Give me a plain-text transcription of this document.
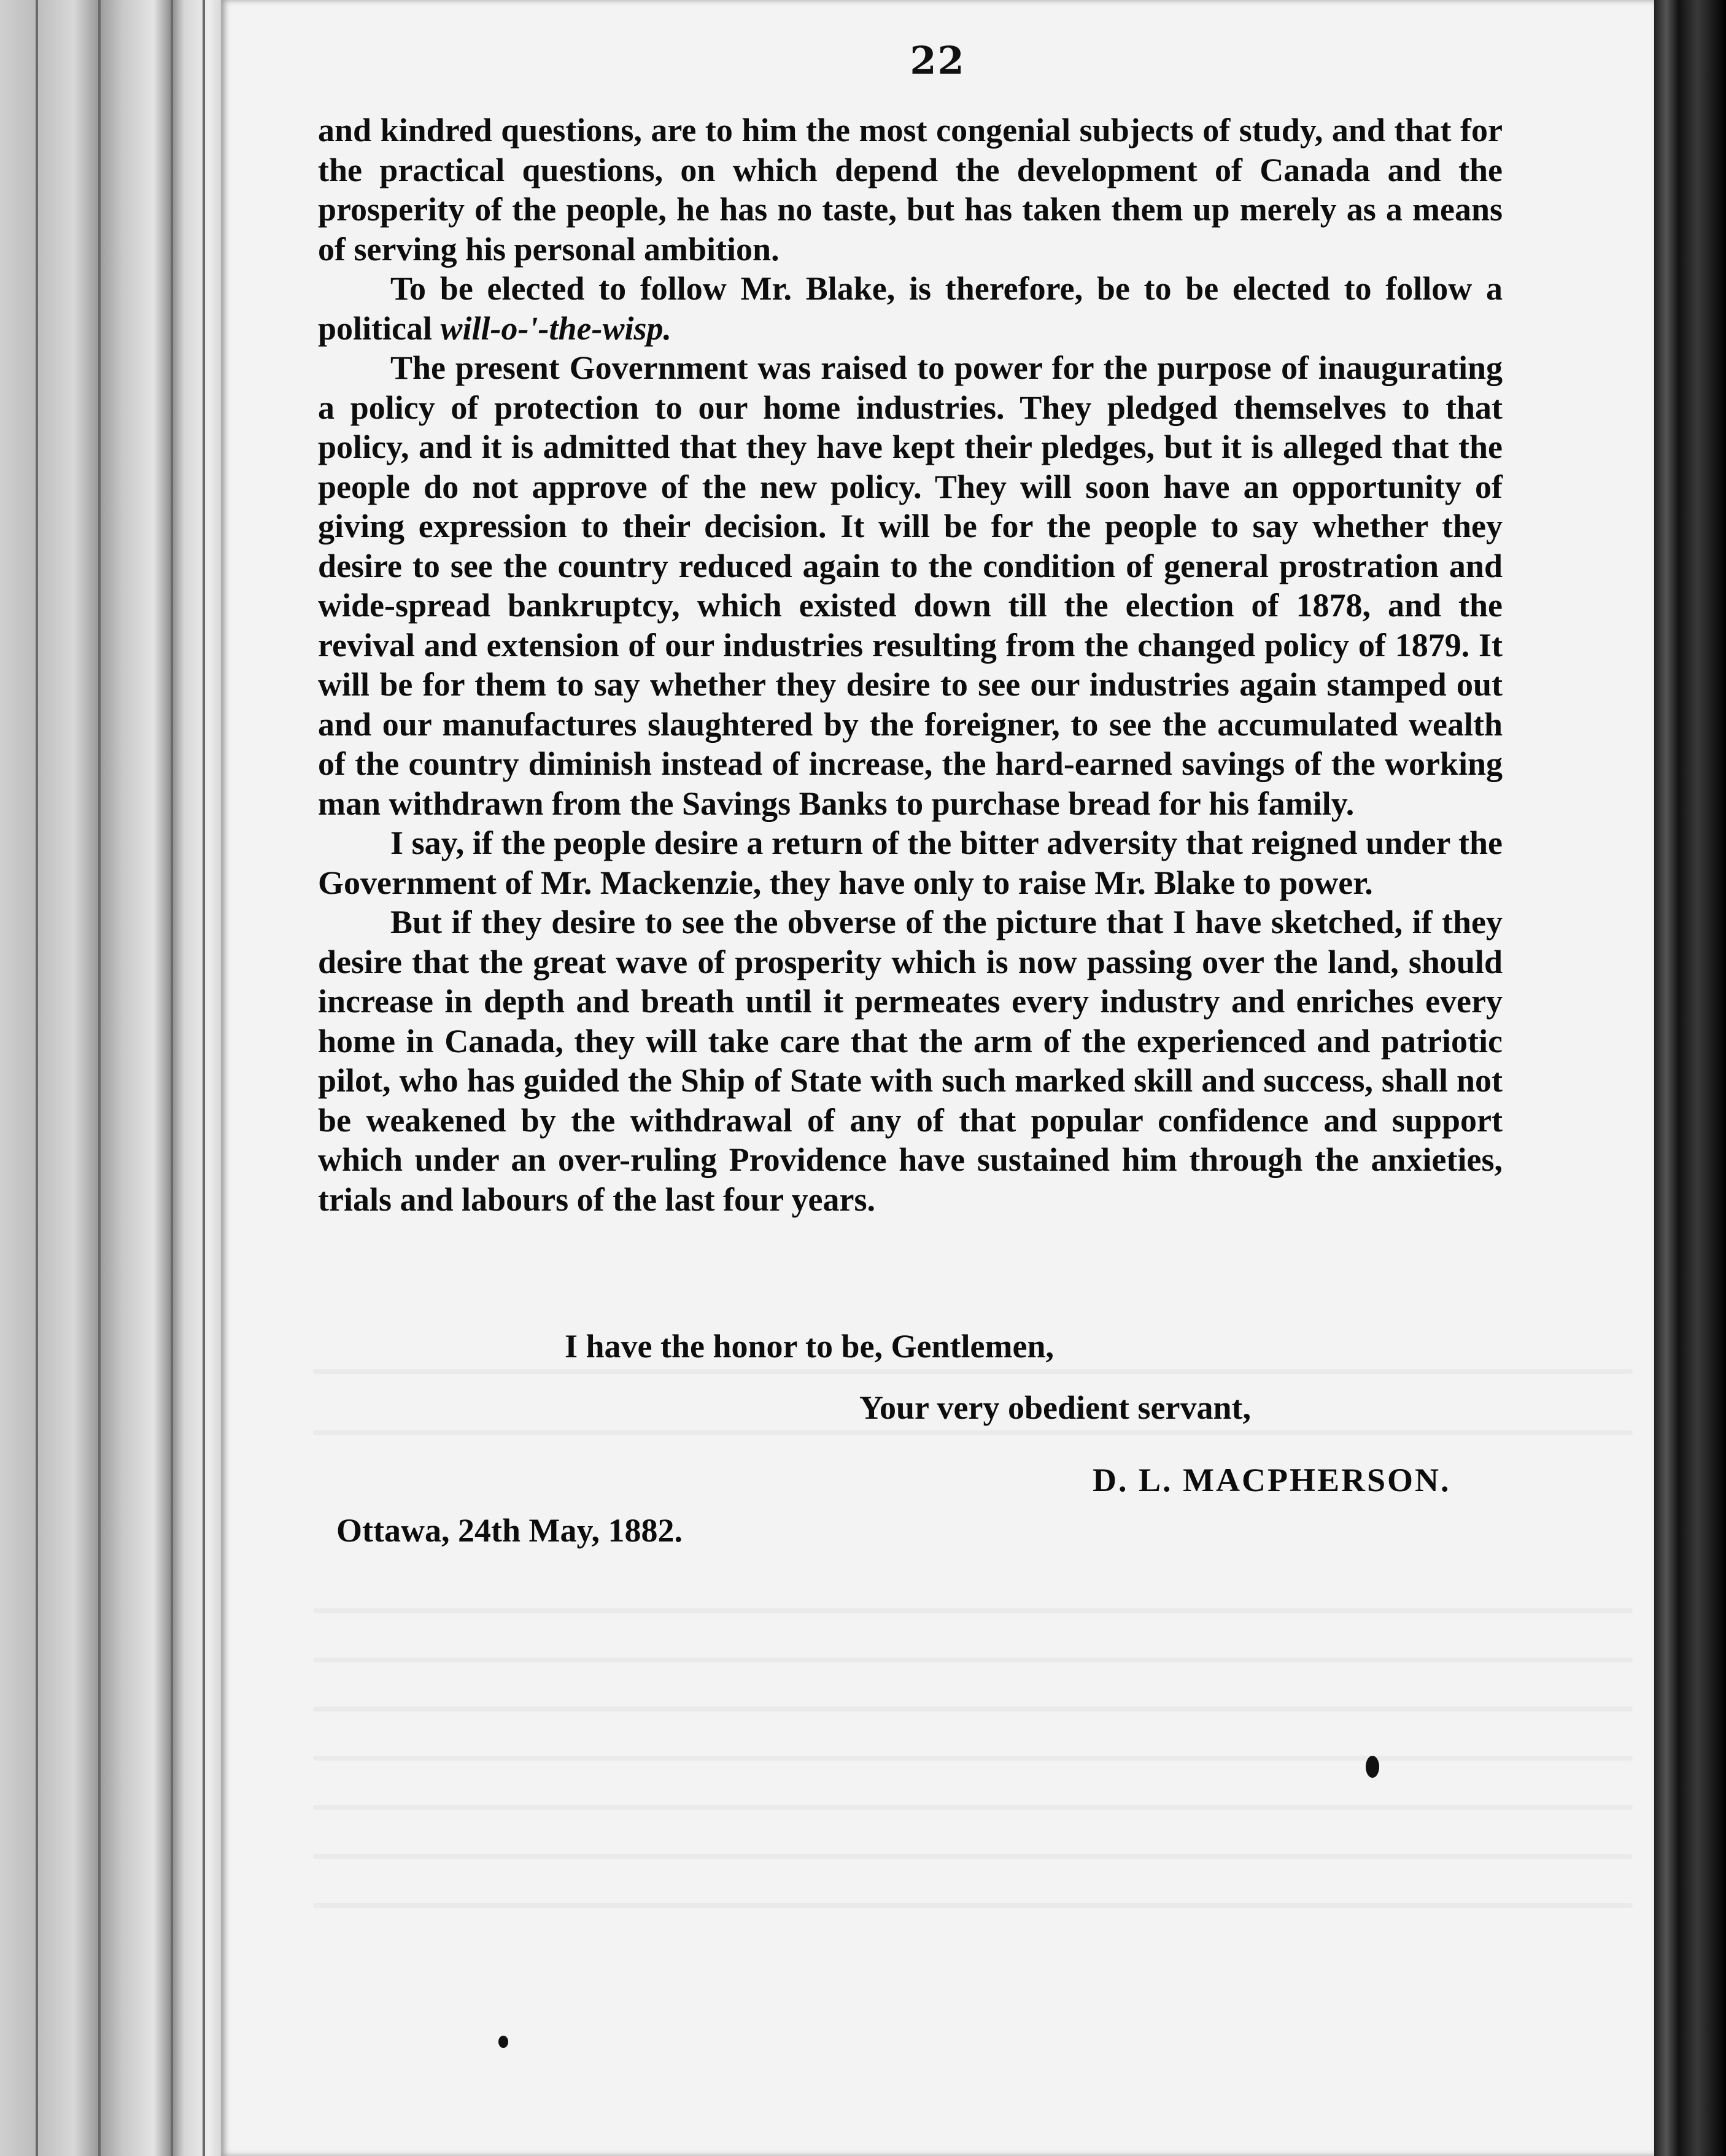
22

and kindred questions, are to him the most congenial subjects of study, and that for the practical questions, on which depend the development of Canada and the prosperity of the people, he has no taste, but has taken them up merely as a means of serving his personal ambition.

To be elected to follow Mr. Blake, is therefore, be to be elected to follow a political will-o-'-the-wisp.

The present Government was raised to power for the purpose of inaugurating a policy of protection to our home industries. They pledged themselves to that policy, and it is admitted that they have kept their pledges, but it is alleged that the people do not approve of the new policy. They will soon have an opportunity of giving expression to their decision. It will be for the people to say whether they desire to see the country reduced again to the condition of general prostration and wide-spread bankruptcy, which existed down till the election of 1878, and the revival and extension of our industries resulting from the changed policy of 1879. It will be for them to say whether they desire to see our industries again stamped out and our manufactures slaughtered by the foreigner, to see the accumulated wealth of the country diminish instead of increase, the hard-earned savings of the working man withdrawn from the Savings Banks to purchase bread for his family.

I say, if the people desire a return of the bitter adversity that reigned under the Government of Mr. Mackenzie, they have only to raise Mr. Blake to power.

But if they desire to see the obverse of the picture that I have sketched, if they desire that the great wave of prosperity which is now passing over the land, should increase in depth and breath until it permeates every industry and enriches every home in Canada, they will take care that the arm of the experienced and patriotic pilot, who has guided the Ship of State with such marked skill and success, shall not be weakened by the withdrawal of any of that popular confidence and support which under an over-ruling Providence have sustained him through the anxieties, trials and labours of the last four years.

I have the honor to be, Gentlemen,
Your very obedient servant,
D. L. MACPHERSON.
Ottawa, 24th May, 1882.
